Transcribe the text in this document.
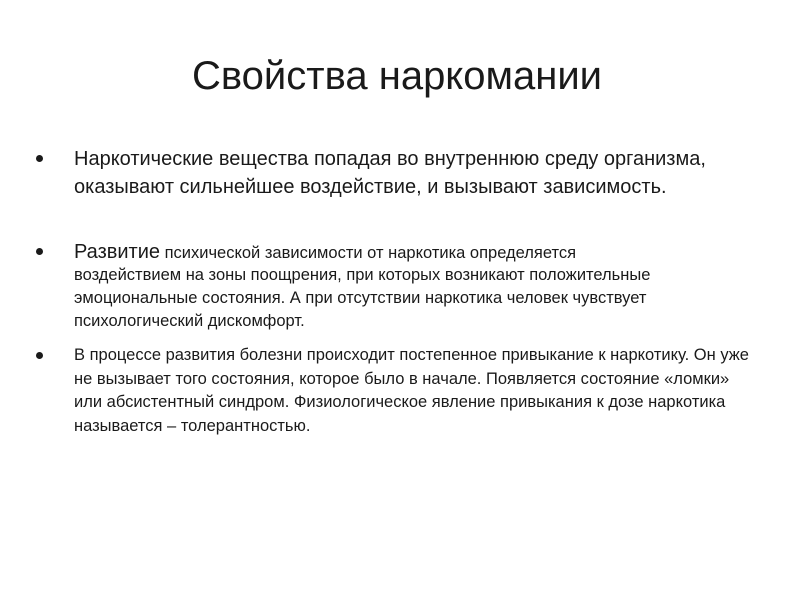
Свойства наркомании
Наркотические вещества попадая во внутреннюю среду организма, оказывают сильнейшее воздействие, и вызывают зависимость.
Развитие психической зависимости от наркотика определяется
воздействием на зоны поощрения, при которых возникают положительные эмоциональные состояния. А при отсутствии наркотика человек чувствует психологический дискомфорт.
В процессе развития болезни происходит постепенное привыкание к наркотику. Он уже не вызывает того состояния, которое было в начале. Появляется состояние «ломки» или абсистентный синдром. Физиологическое явление привыкания к дозе наркотика называется – толерантностью.
